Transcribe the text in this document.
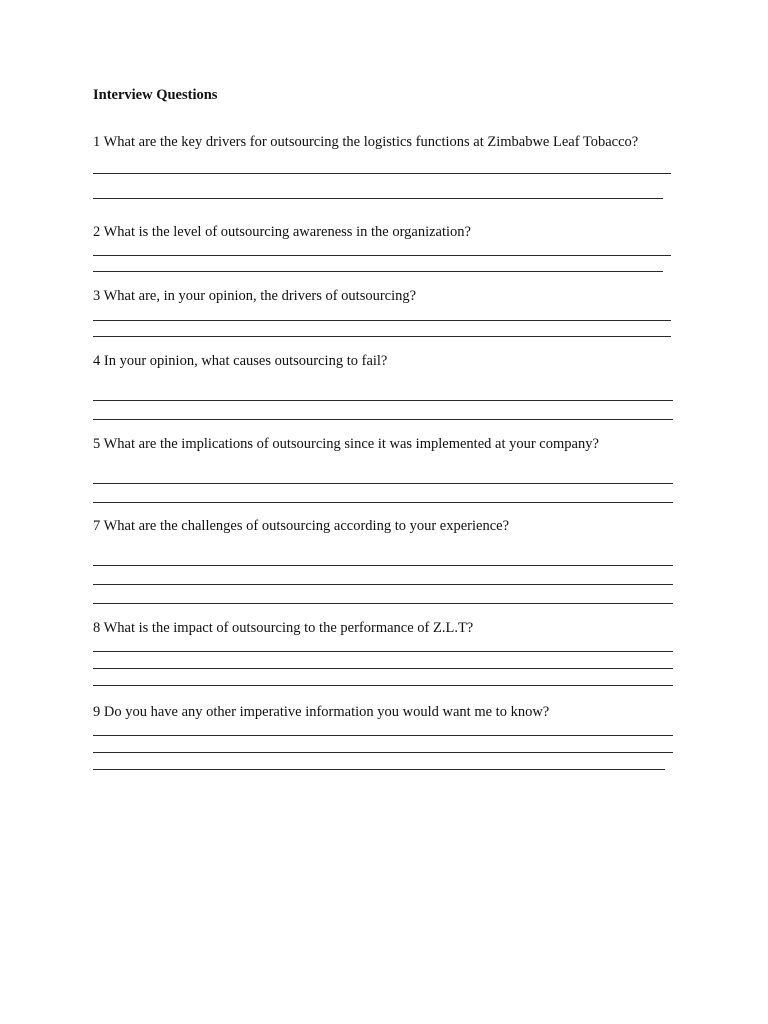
Interview Questions
1 What are the key drivers for outsourcing the logistics functions at Zimbabwe Leaf Tobacco?
2 What is the level of outsourcing awareness in the organization?
3 What are, in your opinion, the drivers of outsourcing?
4 In your opinion, what causes outsourcing to fail?
5 What are the implications of outsourcing since it was implemented at your company?
7 What are the challenges of outsourcing according to your experience?
8 What is the impact of outsourcing to the performance of Z.L.T?
9 Do you have any other imperative information you would want me to know?
